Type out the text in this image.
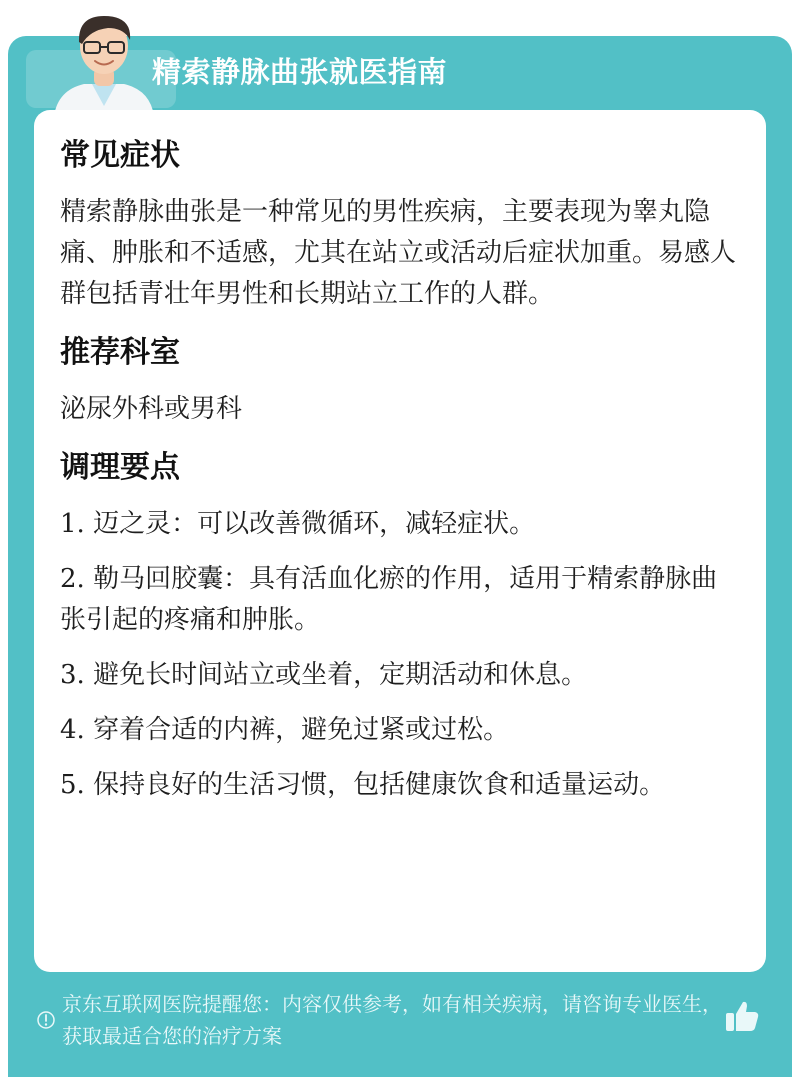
精索静脉曲张就医指南
常见症状
精索静脉曲张是一种常见的男性疾病，主要表现为睾丸隐痛、肿胀和不适感，尤其在站立或活动后症状加重。易感人群包括青壮年男性和长期站立工作的人群。
推荐科室
泌尿外科或男科
调理要点
1. 迈之灵：可以改善微循环，减轻症状。
2. 勒马回胶囊：具有活血化瘀的作用，适用于精索静脉曲张引起的疼痛和肿胀。
3. 避免长时间站立或坐着，定期活动和休息。
4. 穿着合适的内裤，避免过紧或过松。
5. 保持良好的生活习惯，包括健康饮食和适量运动。
京东互联网医院提醒您：内容仅供参考，如有相关疾病，请咨询专业医生，获取最适合您的治疗方案
